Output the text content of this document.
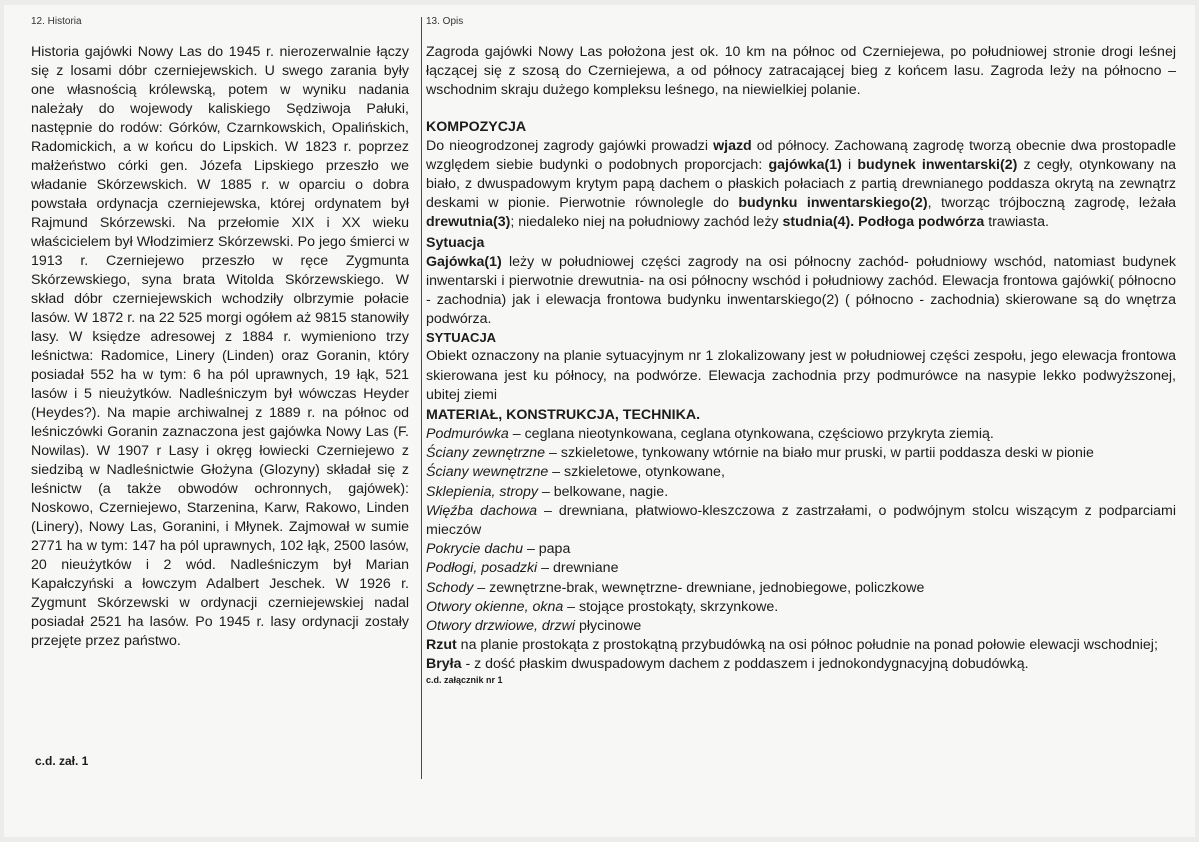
12. Historia

Historia gajówki Nowy Las do 1945 r. nierozerwalnie łączy się z losami dóbr czerniejewskich. U swego zarania były one własnością królewską, potem w wyniku nadania należały do wojewody kaliskiego Sędziwoja Pałuki, następnie do rodów: Górków, Czarnkowskich, Opalińskich, Radomickich, a w końcu do Lipskich. W 1823 r. poprzez małżeństwo córki gen. Józefa Lipskiego przeszło we władanie Skórzewskich. W 1885 r. w oparciu o dobra powstała ordynacja czerniejewska, której ordynatem był Rajmund Skórzewski. Na przełomie XIX i XX wieku właścicielem był Włodzimierz Skórzewski. Po jego śmierci w 1913 r. Czerniejewo przeszło w ręce Zygmunta Skórzewskiego, syna brata Witolda Skórzewskiego. W skład dóbr czerniejewskich wchodziły olbrzymie połacie lasów. W 1872 r. na 22 525 morgi ogółem aż 9815 stanowiły lasy. W księdze adresowej z 1884 r. wymieniono trzy leśnictwa: Radomice, Linery (Linden) oraz Goranin, który posiadał 552 ha w tym: 6 ha pól uprawnych, 19 łąk, 521 lasów i 5 nieużytków. Nadleśniczym był wówczas Heyder (Heydes?). Na mapie archiwalnej z 1889 r. na północ od leśniczówki Goranin zaznaczona jest gajówka Nowy Las (F. Nowilas). W 1907 r Lasy i okręg łowiecki Czerniejewo z siedzibą w Nadleśnictwie Głożyna (Glozyny) składał się z leśnictw (a także obwodów ochronnych, gajówek): Noskowo, Czerniejewo, Starzenina, Karw, Rakowo, Linden (Linery), Nowy Las, Goranini, i Młynek. Zajmował w sumie 2771 ha w tym: 147 ha pól uprawnych, 102 łąk, 2500 lasów, 20 nieużytków i 2 wód. Nadleśniczym był Marian Kapałczyński a łowczym Adalbert Jeschek. W 1926 r. Zygmunt Skórzewski w ordynacji czerniejewskiej nadal posiadał 2521 ha lasów. Po 1945 r. lasy ordynacji zostały przejęte przez państwo.

c.d. zał. 1
13. Opis

Zagroda gajówki Nowy Las położona jest ok. 10 km na północ od Czerniejewa, po południowej stronie drogi leśnej łączącej się z szosą do Czerniejewa, a od północy zatracającej bieg z końcem lasu. Zagroda leży na północno – wschodnim skraju dużego kompleksu leśnego, na niewielkiej polanie.

KOMPOZYCJA

Do nieogrodzonej zagrody gajówki prowadzi wjazd od północy. Zachowaną zagrodę tworzą obecnie dwa prostopadle względem siebie budynki o podobnych proporcjach: gajówka(1) i budynek inwentarski(2) z cegły, otynkowany na biało, z dwuspadowym krytym papą dachem o płaskich połaciach z partią drewnianego poddasza okrytą na zewnątrz deskami w pionie. Pierwotnie równolegle do budynku inwentarskiego(2), tworząc trójboczną zagrodę, leżała drewutnia(3); niedaleko niej na południowy zachód leży studnia(4). Podłoga podwórza trawiasta.

Sytuacja

Gajówka(1) leży w południowej części zagrody na osi północny zachód- południowy wschód, natomiast budynek inwentarski i pierwotnie drewutnia- na osi północny wschód i południowy zachód. Elewacja frontowa gajówki( północno - zachodnia) jak i elewacja frontowa budynku inwentarskiego(2) ( północno - zachodnia) skierowane są do wnętrza podwórza.

SYTUACJA

Obiekt oznaczony na planie sytuacyjnym nr 1 zlokalizowany jest w południowej części zespołu, jego elewacja frontowa skierowana jest ku północy, na podwórze. Elewacja zachodnia przy podmurówce na nasypie lekko podwyższonej, ubitej ziemi

MATERIAŁ, KONSTRUKCJA, TECHNIKA.

Podmurówka – ceglana nieotynkowana, ceglana otynkowana, częściowo przykryta ziemią.

Ściany zewnętrzne – szkieletowe, tynkowany wtórnie na biało mur pruski, w partii poddasza deski w pionie

Ściany wewnętrzne – szkieletowe, otynkowane,

Sklepienia, stropy – belkowane, nagie.

Więźba dachowa – drewniana, płatwiowo-kleszczowa z zastrzałami, o podwójnym stolcu wiszącym z podparciami mieczów

Pokrycie dachu – papa

Podłogi, posadzki – drewniane

Schody – zewnętrzne-brak, wewnętrzne- drewniane, jednobiegowe, policzkowe

Otwory okienne, okna – stojące prostokąty, skrzynkowe.

Otwory drzwiowe, drzwi płycinowe

Rzut na planie prostokąta z prostokątną przybudówką na osi północ południe na ponad połowie elewacji wschodniej;

Bryła - z dość płaskim dwuspadowym dachem z poddaszem i jednokondygnacyjną dobudówką.

c.d. załącznik nr 1
